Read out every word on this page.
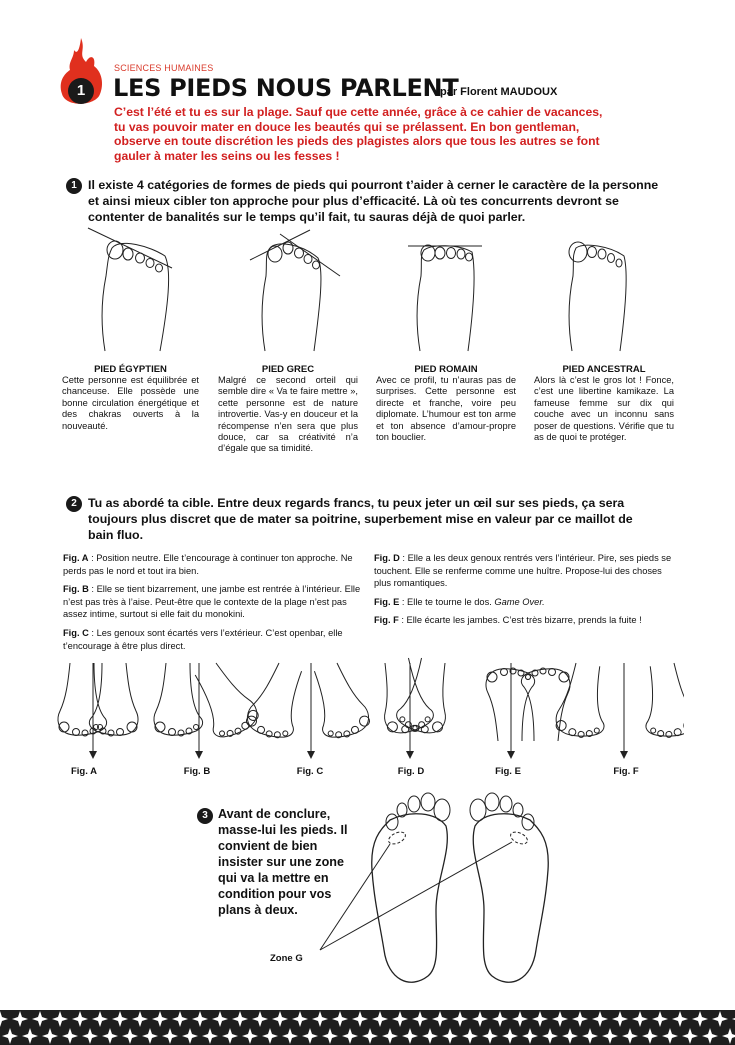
1
SCIENCES HUMAINES
LES PIEDS NOUS PARLENT
par Florent MAUDOUX

C’est l’été et tu es sur la plage. Sauf que cette année, grâce à ce cahier de vacances, tu vas pouvoir mater en douce les beautés qui se prélassent. En bon gentleman, observe en toute discrétion les pieds des plagistes alors que tous les autres se font gauler à mater les seins ou les fesses !

1 Il existe 4 catégories de formes de pieds qui pourront t’aider à cerner le caractère de la personne et ainsi mieux cibler ton approche pour plus d’efficacité. Là où tes concurrents devront se contenter de banalités sur le temps qu’il fait, tu sauras déjà de quoi parler.

PIED ÉGYPTIEN

Cette personne est équilibrée et chanceuse. Elle possède une bonne circulation énergétique et des chakras ouverts à la nouveauté.

PIED GREC

Malgré ce second orteil qui semble dire « Va te faire mettre », cette personne est de nature introvertie. Vas-y en douceur et la récompense n’en sera que plus douce, car sa créativité n’a d’égale que sa timidité.

PIED ROMAIN

Avec ce profil, tu n’auras pas de surprises. Cette personne est directe et franche, voire peu diplomate. L’humour est ton arme et ton absence d’amour-propre ton bouclier.

PIED ANCESTRAL

Alors là c’est le gros lot ! Fonce, c’est une libertine kamikaze. La fameuse femme sur dix qui couche avec un inconnu sans poser de questions. Vérifie que tu as de quoi te protéger.

2 Tu as abordé ta cible. Entre deux regards francs, tu peux jeter un œil sur ses pieds, ça sera toujours plus discret que de mater sa poitrine, superbement mise en valeur par ce maillot de bain fluo.

Fig. A : Position neutre. Elle t’encourage à continuer ton approche. Ne perds pas le nord et tout ira bien.

Fig. B : Elle se tient bizarrement, une jambe est rentrée à l’intérieur. Elle n’est pas très à l’aise. Peut-être que le contexte de la plage n’est pas assez intime, surtout si elle fait du monokini.

Fig. C : Les genoux sont écartés vers l’extérieur. C’est openbar, elle t’encourage à être plus direct.

Fig. D : Elle a les deux genoux rentrés vers l’intérieur. Pire, ses pieds se touchent. Elle se renferme comme une huître. Propose-lui des choses plus romantiques.

Fig. E : Elle te tourne le dos. Game Over.

Fig. F : Elle écarte les jambes. C’est très bizarre, prends la fuite !

Fig. A	Fig. B	Fig. C	Fig. D	Fig. E	Fig. F
3 Avant de conclure, masse-lui les pieds. Il convient de bien insister sur une zone qui va la mettre en condition pour vos plans à deux.

Zone G
